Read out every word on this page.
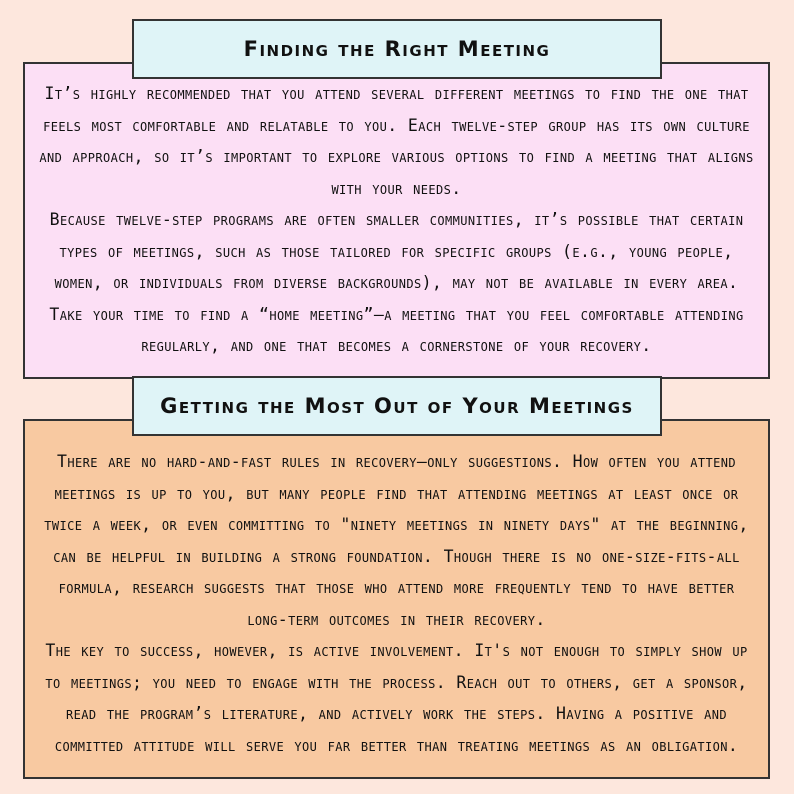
It’s highly recommended that you attend several different meetings to find the one that feels most comfortable and relatable to you. Each twelve-step group has its own culture and approach, so it’s important to explore various options to find a meeting that aligns with your needs.

Because twelve-step programs are often smaller communities, it’s possible that certain types of meetings, such as those tailored for specific groups (e.g., young people, women, or individuals from diverse backgrounds), may not be available in every area. Take your time to find a “home meeting”—a meeting that you feel comfortable attending regularly, and one that becomes a cornerstone of your recovery.

Finding the Right Meeting

There are no hard-and-fast rules in recovery—only suggestions. How often you attend meetings is up to you, but many people find that attending meetings at least once or twice a week, or even committing to "ninety meetings in ninety days" at the beginning, can be helpful in building a strong foundation. Though there is no one-size-fits-all formula, research suggests that those who attend more frequently tend to have better long-term outcomes in their recovery.

The key to success, however, is active involvement. It's not enough to simply show up to meetings; you need to engage with the process. Reach out to others, get a sponsor, read the program’s literature, and actively work the steps. Having a positive and committed attitude will serve you far better than treating meetings as an obligation.

Getting the Most Out of Your Meetings
